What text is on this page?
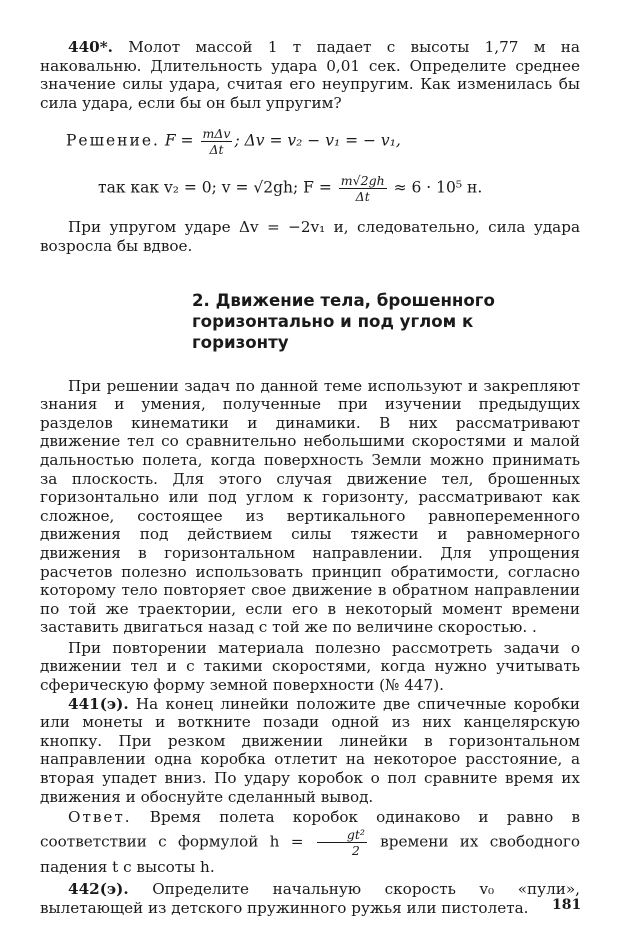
440*. Молот массой 1 т падает с высоты 1,77 м на наковальню. Длительность удара 0,01 сек. Определите среднее значение силы удара, считая его неупругим. Как изменилась бы сила удара, если бы он был упругим?

Решение. $F = \frac{\text{mΔv}}{\Delta t}$ ; Δv = v₂ − v₁ = − v₁,
так как v₂ = 0; v = √2gh; $F = \frac{m√2gh}{\Delta t} \approx 6 \cdot 10^5$ н.

При упругом ударе Δv = −2v₁ и, следовательно, сила удара возросла бы вдвое.

2. Движение тела, брошенного горизонтально и под углом к горизонту

При решении задач по данной теме используют и закрепляют знания и умения, полученные при изучении предыдущих разделов кинематики и динамики. В них рассматривают движение тел со сравнительно небольшими скоростями и малой дальностью полета, когда поверхность Земли можно принимать за плоскость. Для этого случая движение тел, брошенных горизонтально или под углом к горизонту, рассматривают как сложное, состоящее из вертикального равнопеременного движения под действием силы тяжести и равномерного движения в горизонтальном направлении. Для упрощения расчетов полезно использовать принцип обратимости, согласно которому тело повторяет свое движение в обратном направлении по той же траектории, если его в некоторый момент времени заставить двигаться назад с той же по величине скоростью. .

При повторении материала полезно рассмотреть задачи о движении тел и с такими скоростями, когда нужно учитывать сферическую форму земной поверхности (№ 447).

441(э). На конец линейки положите две спичечные коробки или монеты и воткните позади одной из них канцелярскую кнопку. При резком движении линейки в горизонтальном направлении одна коробка отлетит на некоторое расстояние, а вторая упадет вниз. По удару коробок о пол сравните время их движения и обоснуйте сделанный вывод.

Ответ. Время полета коробок одинаково и равно в соответствии с формулой $h = \frac{\text{gt²}}{2}$ времени их свободного падения t с высоты h.

442(э). Определите начальную скорость v₀ «пули», вылетающей из детского пружинного ружья или пистолета.	181
